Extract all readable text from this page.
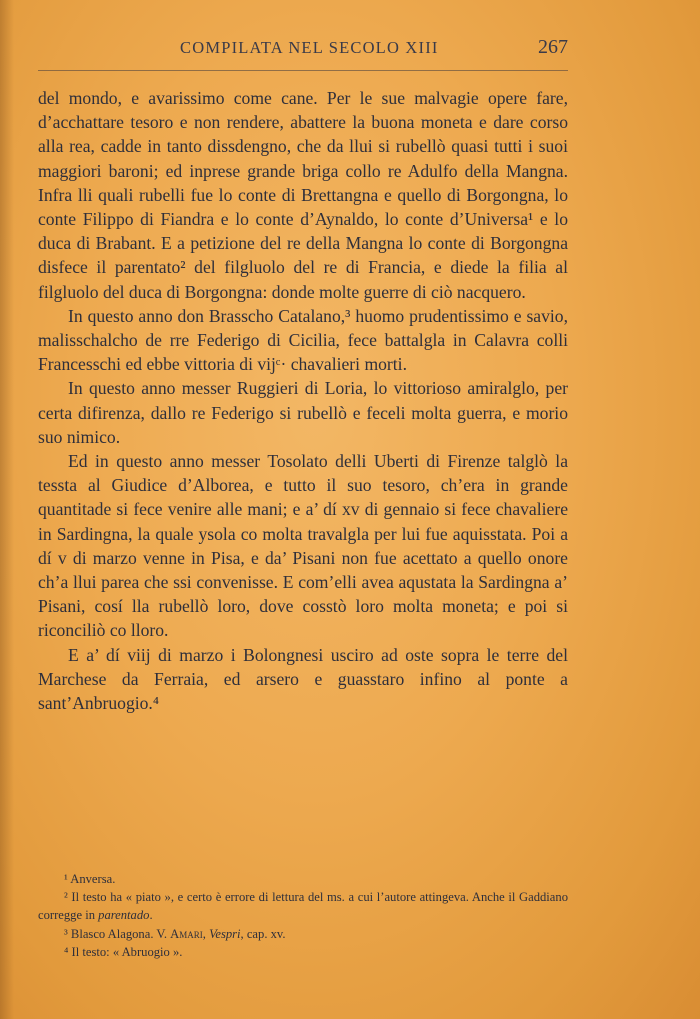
COMPILATA NEL SECOLO XIII	267

del mondo, e avarissimo come cane. Per le sue malvagie opere fare, d’acchattare tesoro e non rendere, abattere la buona moneta e dare corso alla rea, cadde in tanto dissdengno, che da llui si rubellò quasi tutti i suoi maggiori baroni; ed inprese grande briga collo re Adulfo della Mangna. Infra lli quali rubelli fue lo conte di Brettangna e quello di Borgongna, lo conte Filippo di Fiandra e lo conte d’Aynaldo, lo conte d’Universa¹ e lo duca di Brabant. E a petizione del re della Mangna lo conte di Borgongna disfece il parentato² del filgluolo del re di Francia, e diede la filia al filgluolo del duca di Borgongna: donde molte guerre di ciò nacquero.

In questo anno don Brasscho Catalano,³ huomo prudentissimo e savio, malisschalcho de rre Federigo di Cicilia, fece battalgla in Calavra colli Francesschi ed ebbe vittoria di vijᶜ· chavalieri morti.

In questo anno messer Ruggieri di Loria, lo vittorioso amiralglo, per certa difirenza, dallo re Federigo si rubellò e feceli molta guerra, e morio suo nimico.

Ed in questo anno messer Tosolato delli Uberti di Firenze talglò la tessta al Giudice d’Alborea, e tutto il suo tesoro, ch’era in grande quantitade si fece venire alle mani; e a’ dí xv di gennaio si fece chavaliere in Sardingna, la quale ysola co molta travalgla per lui fue aquisstata. Poi a dí v di marzo venne in Pisa, e da’ Pisani non fue acettato a quello onore ch’a llui parea che ssi convenisse. E com’elli avea aqustata la Sardingna a’ Pisani, cosí lla rubellò loro, dove cosstò loro molta moneta; e poi si riconciliò co lloro.

E a’ dí viij di marzo i Bolongnesi usciro ad oste sopra le terre del Marchese da Ferraia, ed arsero e guasstaro infino al ponte a sant’Anbruogio.⁴

¹ Anversa.

² Il testo ha « piato », e certo è errore di lettura del ms. a cui l’autore attingeva. Anche il Gaddiano corregge in parentado.

³ Blasco Alagona. V. Amari, Vespri, cap. xv.

⁴ Il testo: « Abruogio ».
